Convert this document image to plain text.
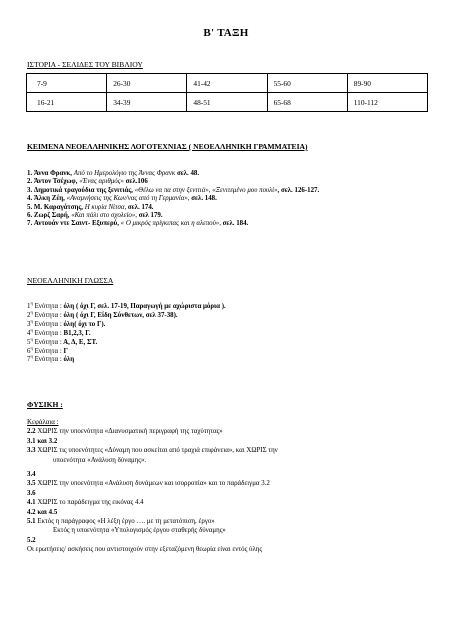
Β' ΤΑΞΗ
ΙΣΤΟΡΙΑ - ΣΕΛΙΔΕΣ ΤΟΥ ΒΙΒΛΙΟΥ
7-9	26-30	41-42	55-60	89-90
16-21	34-39	48-51	65-68	110-112
ΚΕΙΜΕΝΑ ΝΕΟΕΛΛΗΝΙΚΗΣ ΛΟΓΟΤΕΧΝΙΑΣ ( ΝΕΟΕΛΛΗΝΙΚΗ ΓΡΑΜΜΑΤΕΙΑ)
1. Άννα Φρανκ, Από το Ημερολόγιο της Άννας Φρανκ σελ. 48.
2. Άντον Τσέχωφ, «Ένας αριθμός» σελ.106
3. Δημοτικά τραγούδια της ξενιτιάς, «Θέλω να πα στην ξενιτιά», «Ξενιτεμένο μου πουλί», σελ. 126-127.
4. Άλκη Ζέη, «Αναμνήσεις της Κων/νας από τη Γερμανία», σελ. 148.
5. Μ. Καραγάτσης, Η κυρία Νίτσα, σελ. 174.
6. Ζωρζ Σαρή, «Και πάλι στο σχολείο», σελ 179.
7. Αντουάν ντε Σαιντ- Εξυπερύ, « Ο μικρός πρίγκιπας και η αλεπού», σελ. 184.
ΝΕΟΕΛΛΗΝΙΚΗ ΓΛΩΣΣΑ
$1^\eta$ Ενότητα : όλη ( όχι Γ, σελ. 17-19, Παραγωγή με αχώριστα μόρια ).
$2^\eta$ Ενότητα : όλη ( όχι Γ, Είδη Σύνθετων, σελ 37-38).
$3^\eta$ Ενότητα : όλη( όχι το Γ).
$4^\eta$ Ενότητα : Β1,2,3, Γ.
$5^\eta$ Ενότητα : Α, Δ, Ε, ΣΤ.
$6^\eta$ Ενότητα : Γ
$7^\eta$ Ενότητα : όλη
ΦΥΣΙΚΗ :
Κεφάλαια :
2.2 ΧΩΡΙΣ την υποενότητα «Διανυσματική περιγραφή της ταχύτητας»
3.1 και 3.2
3.3 ΧΩΡΙΣ τις υποενότητες «Δύναμη που ασκείται από τραχιά επιφάνεια», και ΧΩΡΙΣ την
υποενότητα «Ανάλυση δύναμης».
3.4
3.5 ΧΩΡΙΣ την υποενότητα «Ανάλυση δυνάμεων και ισορροπία» και το παράδειγμα 3.2
3.6
4.1 ΧΩΡΙΣ το παράδειγμα της εικόνας 4.4
4.2 και 4.5
5.1 Εκτός η παράγραφος «Η λέξη έργο …. με τη μετατόπιση, έργο»
Εκτός η υποενότητα «Υπολογισμός έργου σταθερής δύναμης»
5.2
Οι ερωτήσεις/ ασκήσεις που αντιστοιχούν στην εξεταζόμενη θεωρία είναι εντός ύλης
